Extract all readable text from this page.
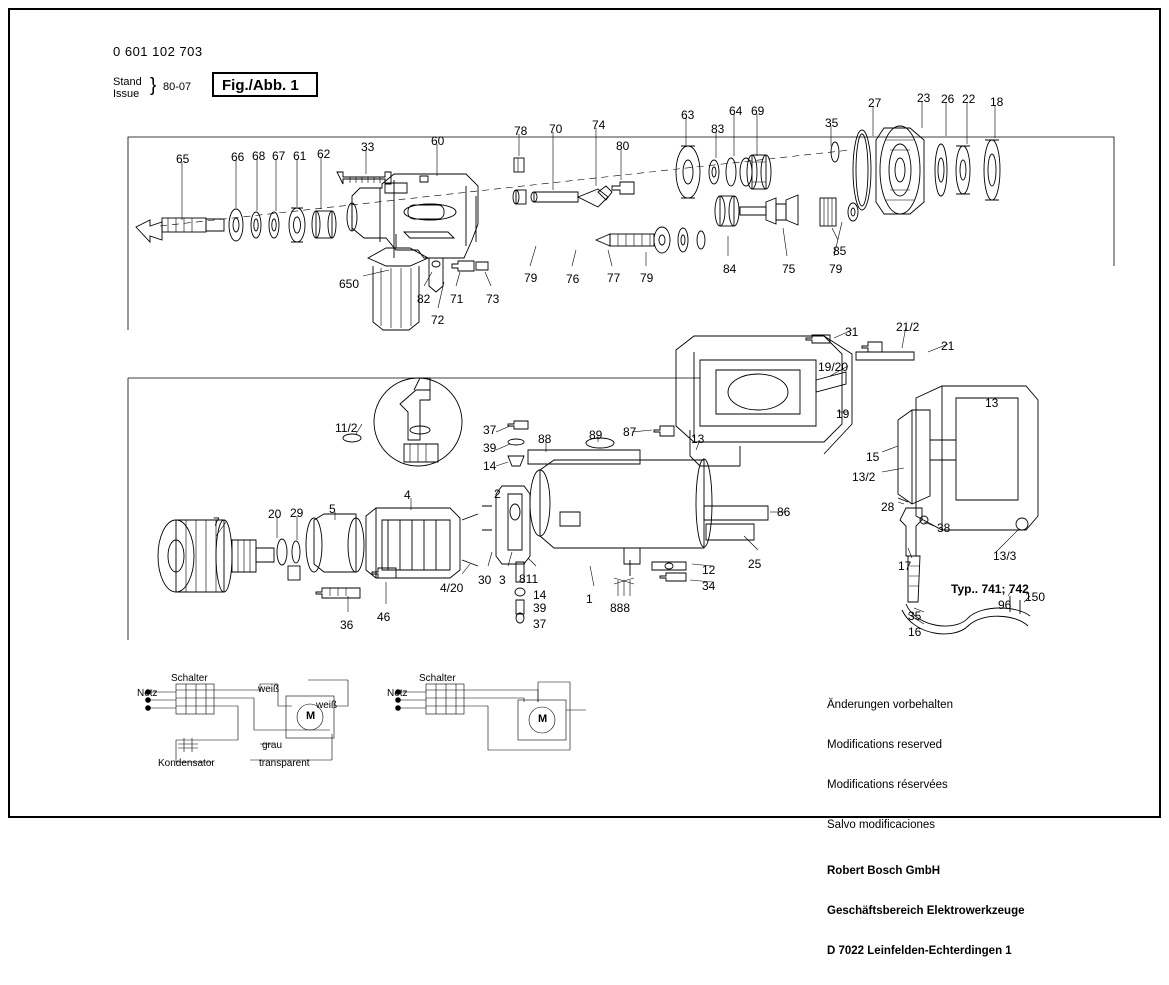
0 601 102 703
Stand
Issue } 80-07 Fig./Abb. 1
65	66 68 67 61 62	33	60
78 70 74
80
63
83
64 69
35
27	23 26 22 18
650
82 71 73
72
79 76 77 79
84	75	79
85
31	21/2
21
19/20
19
13
15
13/2
28
38
17
13/3
96
150
35
16
11/2	37
39
14
88	89 87	13
2
7
20 29 5
4
4/20
30 3 811
14
39
37
36
46
1
888
12
34
25
86
Typ.. 741; 742
Netz
Schalter
weiß
weiß
grau
transparent
Kondensator
M
Netz
Schalter
M

Änderungen vorbehalten

Modifications reserved

Modifications réservées

Salvo modificaciones

Robert Bosch GmbH

Geschäftsbereich Elektrowerkzeuge

D 7022 Leinfelden-Echterdingen 1
